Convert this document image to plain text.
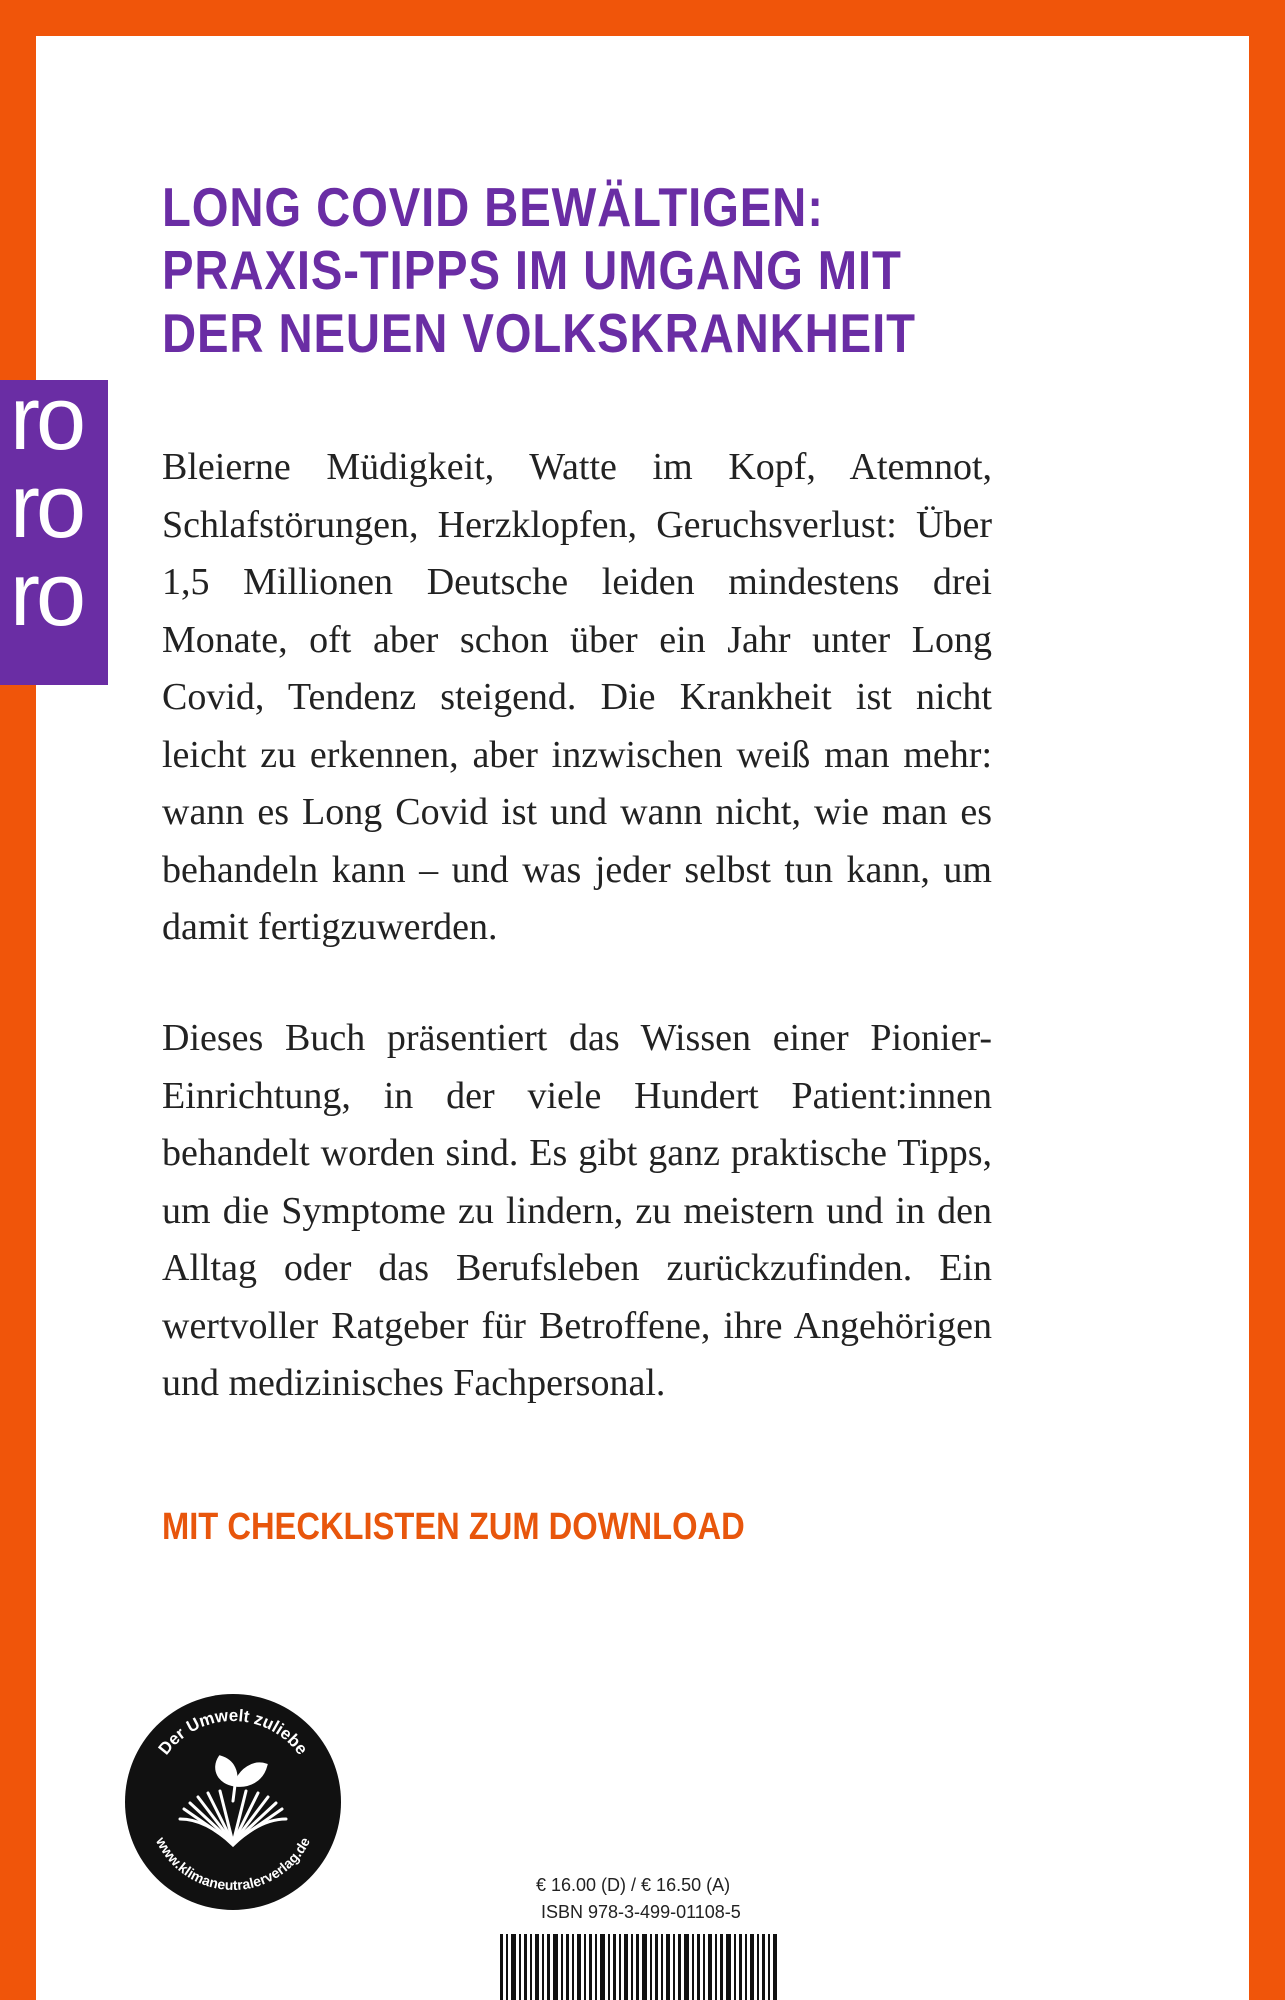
ro
ro
ro
LONG COVID BEWÄLTIGEN:
PRAXIS-TIPPS IM UMGANG MIT
DER NEUEN VOLKSKRANKHEIT

Bleierne Müdigkeit, Watte im Kopf, Atemnot, Schlafstörungen, Herzklopfen, Geruchsverlust: Über 1,5 Millionen Deutsche leiden mindestens drei Monate, oft aber schon über ein Jahr unter Long Covid, Tendenz steigend. Die Krankheit ist nicht leicht zu erkennen, aber inzwischen weiß man mehr: wann es Long Covid ist und wann nicht, wie man es behandeln kann – und was jeder selbst tun kann, um damit fertigzuwerden.

Dieses Buch präsentiert das Wissen einer Pionier-Einrichtung, in der viele Hundert Patient:innen behandelt worden sind. Es gibt ganz praktische Tipps, um die Symptome zu lindern, zu meistern und in den Alltag oder das Berufsleben zurückzufinden. Ein wertvoller Ratgeber für Betroffene, ihre Angehörigen und medizinisches Fachpersonal.

MIT CHECKLISTEN ZUM DOWNLOAD

Der Umwelt zuliebe
www.klimaneutralerverlag.de
€ 16.00 (D) / € 16.50 (A)
ISBN 978-3-499-01108-5
